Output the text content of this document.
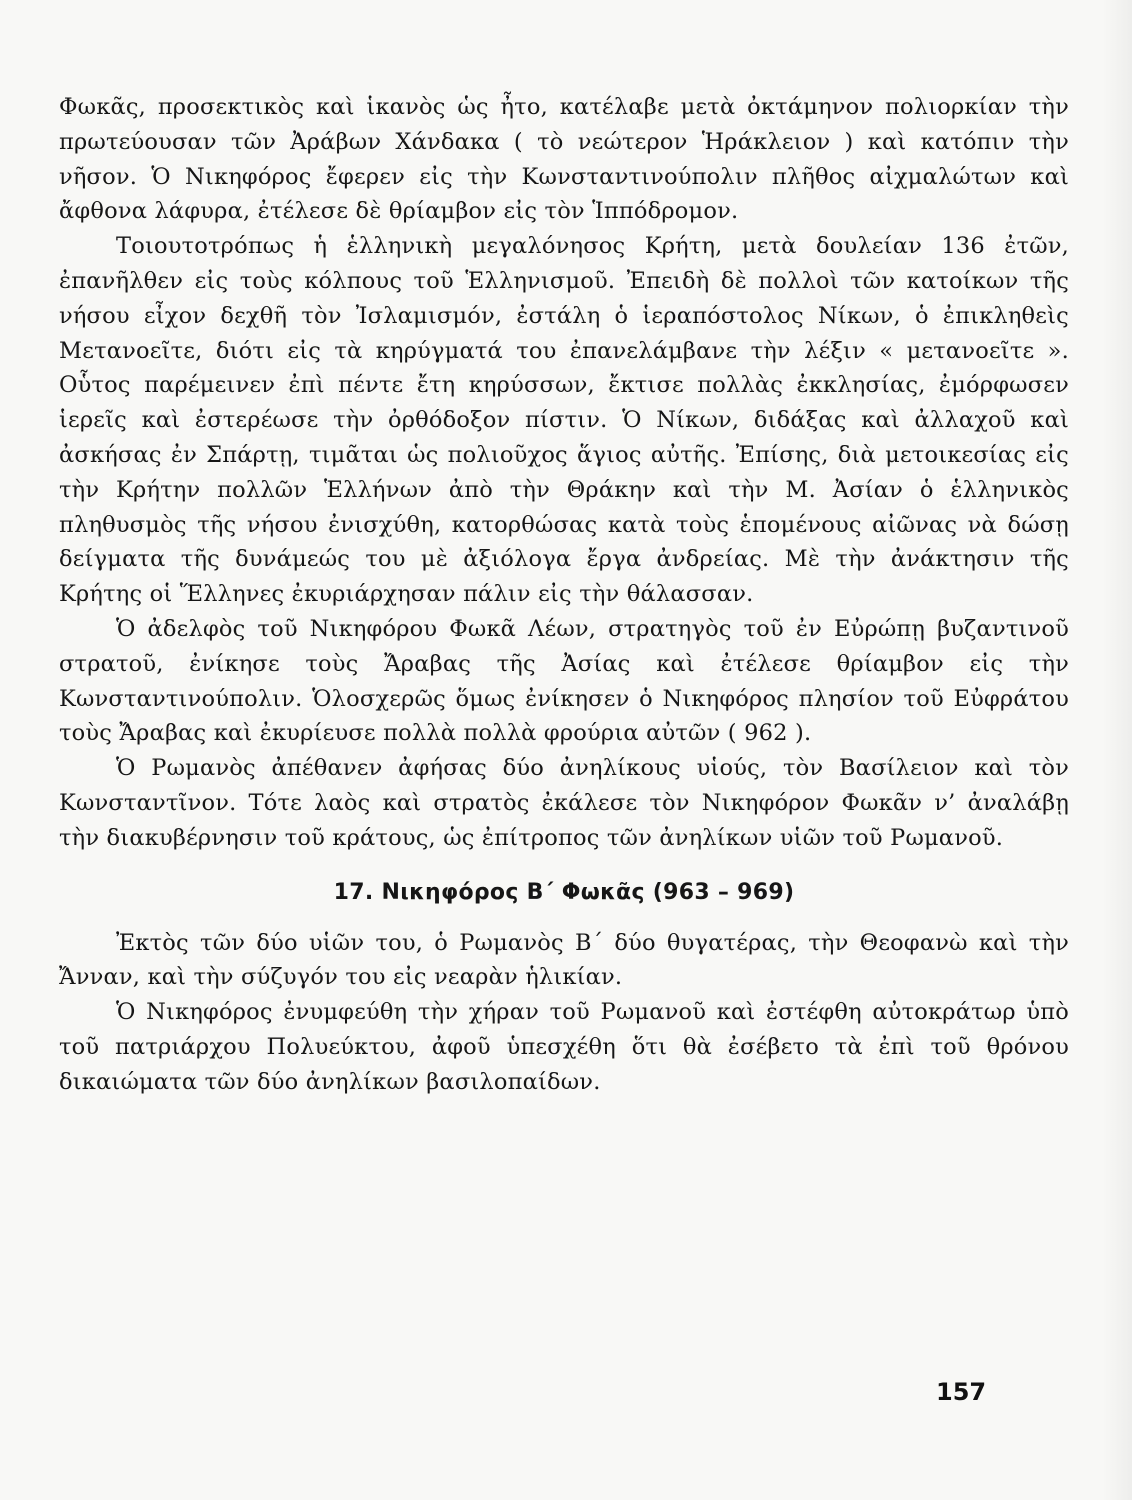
Φωκᾶς, προσεκτικὸς καὶ ἱκανὸς ὡς ἦτο, κατέλαβε μετὰ ὀκτάμηνον πολιορκίαν τὴν πρωτεύουσαν τῶν Ἀράβων Χάνδακα ( τὸ νεώτερον Ἡράκλειον ) καὶ κατόπιν τὴν νῆσον. Ὁ Νικηφόρος ἔφερεν εἰς τὴν Κωνσταντινούπολιν πλῆθος αἰχμαλώτων καὶ ἄφθονα λάφυρα, ἐτέλεσε δὲ θρίαμβον εἰς τὸν Ἱππόδρομον.

Τοιουτοτρόπως ἡ ἑλληνικὴ μεγαλόνησος Κρήτη, μετὰ δουλείαν 136 ἐτῶν, ἐπανῆλθεν εἰς τοὺς κόλπους τοῦ Ἑλληνισμοῦ. Ἐπειδὴ δὲ πολλοὶ τῶν κατοίκων τῆς νήσου εἶχον δεχθῆ τὸν Ἰσλαμισμόν, ἐστάλη ὁ ἱεραπόστολος Νίκων, ὁ ἐπικληθεὶς Μετανοεῖτε, διότι εἰς τὰ κηρύγματά του ἐπανελάμβανε τὴν λέξιν « μετανοεῖτε ». Οὗτος παρέμεινεν ἐπὶ πέντε ἔτη κηρύσσων, ἔκτισε πολλὰς ἐκκλησίας, ἐμόρφωσεν ἱερεῖς καὶ ἐστερέωσε τὴν ὀρθόδοξον πίστιν. Ὁ Νίκων, διδάξας καὶ ἀλλαχοῦ καὶ ἀσκήσας ἐν Σπάρτῃ, τιμᾶται ὡς πολιοῦχος ἅγιος αὐτῆς. Ἐπίσης, διὰ μετοικεσίας εἰς τὴν Κρήτην πολλῶν Ἑλλήνων ἀπὸ τὴν Θράκην καὶ τὴν Μ. Ἀσίαν ὁ ἑλληνικὸς πληθυσμὸς τῆς νήσου ἐνισχύθη, κατορθώσας κατὰ τοὺς ἑπομένους αἰῶνας νὰ δώσῃ δείγματα τῆς δυνάμεώς του μὲ ἀξιόλογα ἔργα ἀνδρείας. Μὲ τὴν ἀνάκτησιν τῆς Κρήτης οἱ Ἕλληνες ἐκυριάρχησαν πάλιν εἰς τὴν θάλασσαν.

Ὁ ἀδελφὸς τοῦ Νικηφόρου Φωκᾶ Λέων, στρατηγὸς τοῦ ἐν Εὐρώπῃ βυζαντινοῦ στρατοῦ, ἐνίκησε τοὺς Ἄραβας τῆς Ἀσίας καὶ ἐτέλεσε θρίαμβον εἰς τὴν Κωνσταντινούπολιν. Ὁλοσχερῶς ὅμως ἐνίκησεν ὁ Νικηφόρος πλησίον τοῦ Εὐφράτου τοὺς Ἄραβας καὶ ἐκυρίευσε πολλὰ πολλὰ φρούρια αὐτῶν ( 962 ).

Ὁ Ρωμανὸς ἀπέθανεν ἀφήσας δύο ἀνηλίκους υἱούς, τὸν Βασίλειον καὶ τὸν Κωνσταντῖνον. Τότε λαὸς καὶ στρατὸς ἐκάλεσε τὸν Νικηφόρον Φωκᾶν ν’ ἀναλάβῃ τὴν διακυβέρνησιν τοῦ κράτους, ὡς ἐπίτροπος τῶν ἀνηλίκων υἱῶν τοῦ Ρωμανοῦ.

17. Νικηφόρος Β΄ Φωκᾶς (963 – 969)

Ἐκτὸς τῶν δύο υἱῶν του, ὁ Ρωμανὸς Β΄ δύο θυγατέρας, τὴν Θεοφανὼ καὶ τὴν Ἄνναν, καὶ τὴν σύζυγόν του εἰς νεαρὰν ἡλικίαν.

Ὁ Νικηφόρος ἐνυμφεύθη τὴν χήραν τοῦ Ρωμανοῦ καὶ ἐστέφθη αὐτοκράτωρ ὑπὸ τοῦ πατριάρχου Πολυεύκτου, ἀφοῦ ὑπεσχέθη ὅτι θὰ ἐσέβετο τὰ ἐπὶ τοῦ θρόνου δικαιώματα τῶν δύο ἀνηλίκων βασιλοπαίδων.

157
